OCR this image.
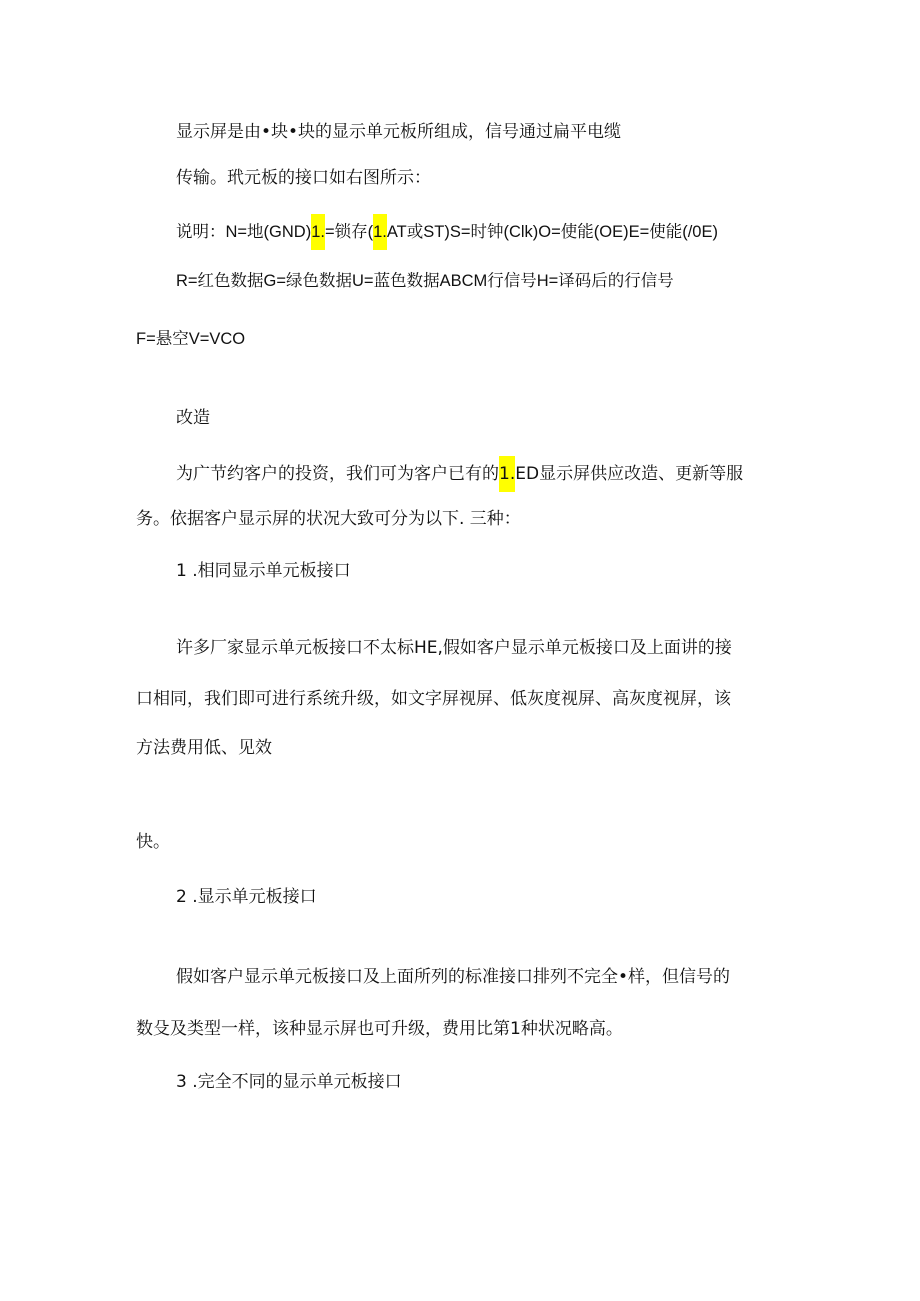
显示屏是由•块•块的显示单元板所组成，信号通过扁平电缆
传输。玳元板的接口如右图所示：
说明：N=地(GND)1.=锁存(1.AT或ST)S=时钟(Clk)O=使能(OE)E=使能(/0E)
R=红色数据G=绿色数据U=蓝色数据ABCM行信号H=译码后的行信号
F=悬空V=VCO
改造
为广节约客户的投资，我们可为客户已有的1.ED显示屏供应改造、更新等服
务。依据客户显示屏的状况大致可分为以下. 三种：
1 .相同显示单元板接口
许多厂家显示单元板接口不太标HE,假如客户显示单元板接口及上面讲的接
口相同，我们即可进行系统升级，如文字屏视屏、低灰度视屏、高灰度视屏，该
方法费用低、见效
快。
2 .显示单元板接口
假如客户显示单元板接口及上面所列的标准接口排列不完全•样，但信号的
数殳及类型一样，该种显示屏也可升级，费用比第1种状况略高。
3 .完全不同的显示单元板接口
